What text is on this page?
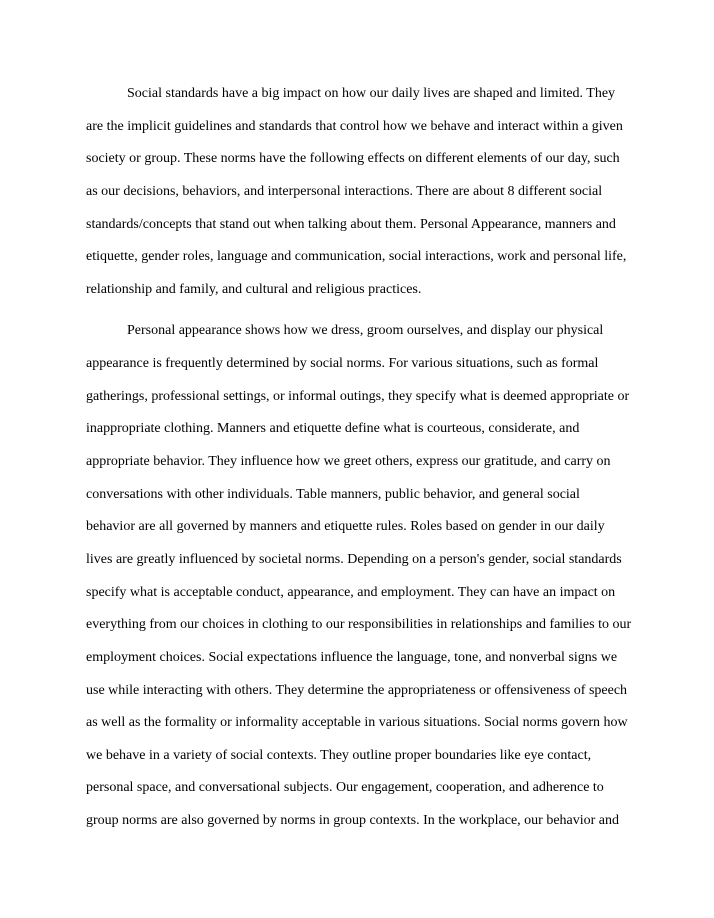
Social standards have a big impact on how our daily lives are shaped and limited. They
are the implicit guidelines and standards that control how we behave and interact within a given
society or group. These norms have the following effects on different elements of our day, such
as our decisions, behaviors, and interpersonal interactions. There are about 8 different social
standards/concepts that stand out when talking about them. Personal Appearance, manners and
etiquette, gender roles, language and communication, social interactions, work and personal life,
relationship and family, and cultural and religious practices.
Personal appearance shows how we dress, groom ourselves, and display our physical
appearance is frequently determined by social norms. For various situations, such as formal
gatherings, professional settings, or informal outings, they specify what is deemed appropriate or
inappropriate clothing. Manners and etiquette define what is courteous, considerate, and
appropriate behavior. They influence how we greet others, express our gratitude, and carry on
conversations with other individuals. Table manners, public behavior, and general social
behavior are all governed by manners and etiquette rules. Roles based on gender in our daily
lives are greatly influenced by societal norms. Depending on a person's gender, social standards
specify what is acceptable conduct, appearance, and employment. They can have an impact on
everything from our choices in clothing to our responsibilities in relationships and families to our
employment choices. Social expectations influence the language, tone, and nonverbal signs we
use while interacting with others. They determine the appropriateness or offensiveness of speech
as well as the formality or informality acceptable in various situations. Social norms govern how
we behave in a variety of social contexts. They outline proper boundaries like eye contact,
personal space, and conversational subjects. Our engagement, cooperation, and adherence to
group norms are also governed by norms in group contexts. In the workplace, our behavior and
